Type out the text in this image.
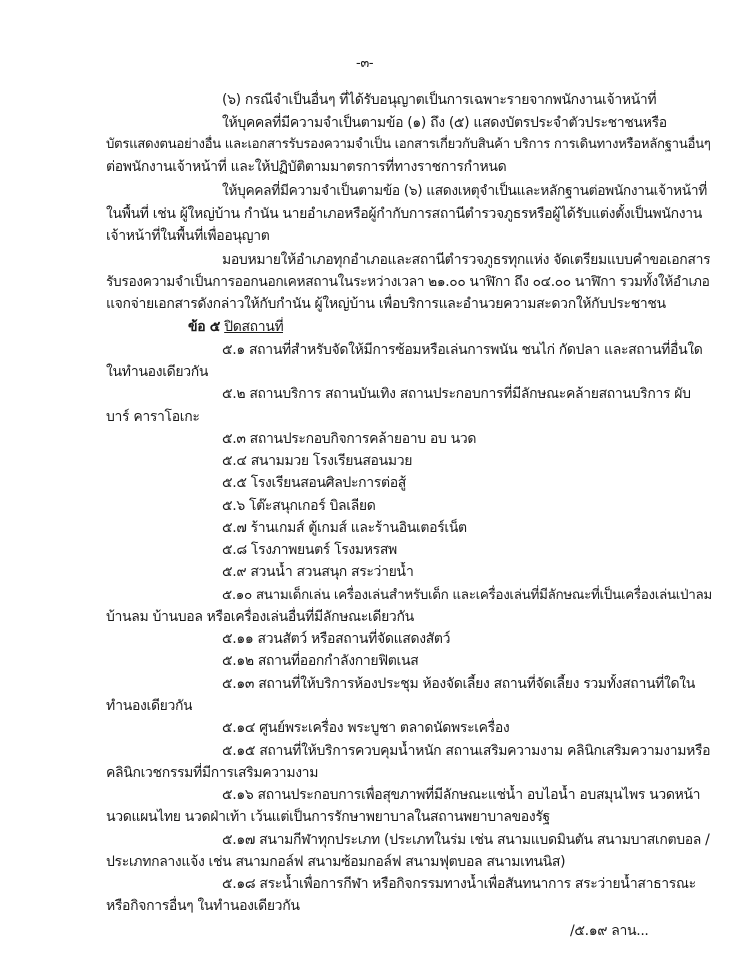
-๓-
(๖) กรณีจำเป็นอื่นๆ ที่ได้รับอนุญาตเป็นการเฉพาะรายจากพนักงานเจ้าหน้าที่
ให้บุคคลที่มีความจำเป็นตามข้อ (๑) ถึง (๕) แสดงบัตรประจำตัวประชาชนหรือ
บัตรแสดงตนอย่างอื่น และเอกสารรับรองความจำเป็น เอกสารเกี่ยวกับสินค้า บริการ การเดินทางหรือหลักฐานอื่นๆ
ต่อพนักงานเจ้าหน้าที่ และให้ปฏิบัติตามมาตรการที่ทางราชการกำหนด
ให้บุคคลที่มีความจำเป็นตามข้อ (๖) แสดงเหตุจำเป็นและหลักฐานต่อพนักงานเจ้าหน้าที่
ในพื้นที่ เช่น ผู้ใหญ่บ้าน กำนัน นายอำเภอหรือผู้กำกับการสถานีตำรวจภูธรหรือผู้ได้รับแต่งตั้งเป็นพนักงาน
เจ้าหน้าที่ในพื้นที่เพื่ออนุญาต
มอบหมายให้อำเภอทุกอำเภอและสถานีตำรวจภูธรทุกแห่ง จัดเตรียมแบบคำขอเอกสาร
รับรองความจำเป็นการออกนอกเคหสถานในระหว่างเวลา ๒๑.๐๐ นาฬิกา ถึง ๐๔.๐๐ นาฬิกา รวมทั้งให้อำเภอ
แจกจ่ายเอกสารดังกล่าวให้กับกำนัน ผู้ใหญ่บ้าน เพื่อบริการและอำนวยความสะดวกให้กับประชาชน
ข้อ ๕ ปิดสถานที่
๕.๑ สถานที่สำหรับจัดให้มีการซ้อมหรือเล่นการพนัน ชนไก่ กัดปลา และสถานที่อื่นใด
ในทำนองเดียวกัน
๕.๒ สถานบริการ สถานบันเทิง สถานประกอบการที่มีลักษณะคล้ายสถานบริการ ผับ
บาร์ คาราโอเกะ
๕.๓ สถานประกอบกิจการคล้ายอาบ อบ นวด
๕.๔ สนามมวย โรงเรียนสอนมวย
๕.๕ โรงเรียนสอนศิลปะการต่อสู้
๕.๖ โต๊ะสนุกเกอร์ บิลเลียด
๕.๗ ร้านเกมส์ ตู้เกมส์ และร้านอินเตอร์เน็ต
๕.๘ โรงภาพยนตร์ โรงมหรสพ
๕.๙ สวนน้ำ สวนสนุก สระว่ายน้ำ
๕.๑๐ สนามเด็กเล่น เครื่องเล่นสำหรับเด็ก และเครื่องเล่นที่มีลักษณะที่เป็นเครื่องเล่นเป่าลม
บ้านลม บ้านบอล หรือเครื่องเล่นอื่นที่มีลักษณะเดียวกัน
๕.๑๑ สวนสัตว์ หรือสถานที่จัดแสดงสัตว์
๕.๑๒ สถานที่ออกกำลังกายฟิตเนส
๕.๑๓ สถานที่ให้บริการห้องประชุม ห้องจัดเลี้ยง สถานที่จัดเลี้ยง รวมทั้งสถานที่ใดใน
ทำนองเดียวกัน
๕.๑๔ ศูนย์พระเครื่อง พระบูชา ตลาดนัดพระเครื่อง
๕.๑๕ สถานที่ให้บริการควบคุมน้ำหนัก สถานเสริมความงาม คลินิกเสริมความงามหรือ
คลินิกเวชกรรมที่มีการเสริมความงาม
๕.๑๖ สถานประกอบการเพื่อสุขภาพที่มีลักษณะแช่น้ำ อบไอน้ำ อบสมุนไพร นวดหน้า
นวดแผนไทย นวดฝ่าเท้า เว้นแต่เป็นการรักษาพยาบาลในสถานพยาบาลของรัฐ
๕.๑๗ สนามกีฬาทุกประเภท (ประเภทในร่ม เช่น สนามแบดมินตัน สนามบาสเกตบอล /
ประเภทกลางแจ้ง เช่น สนามกอล์ฟ สนามซ้อมกอล์ฟ สนามฟุตบอล สนามเทนนิส)
๕.๑๘ สระน้ำเพื่อการกีฬา หรือกิจกรรมทางน้ำเพื่อสันทนาการ สระว่ายน้ำสาธารณะ
หรือกิจการอื่นๆ ในทำนองเดียวกัน
/๕.๑๙ ลาน...
